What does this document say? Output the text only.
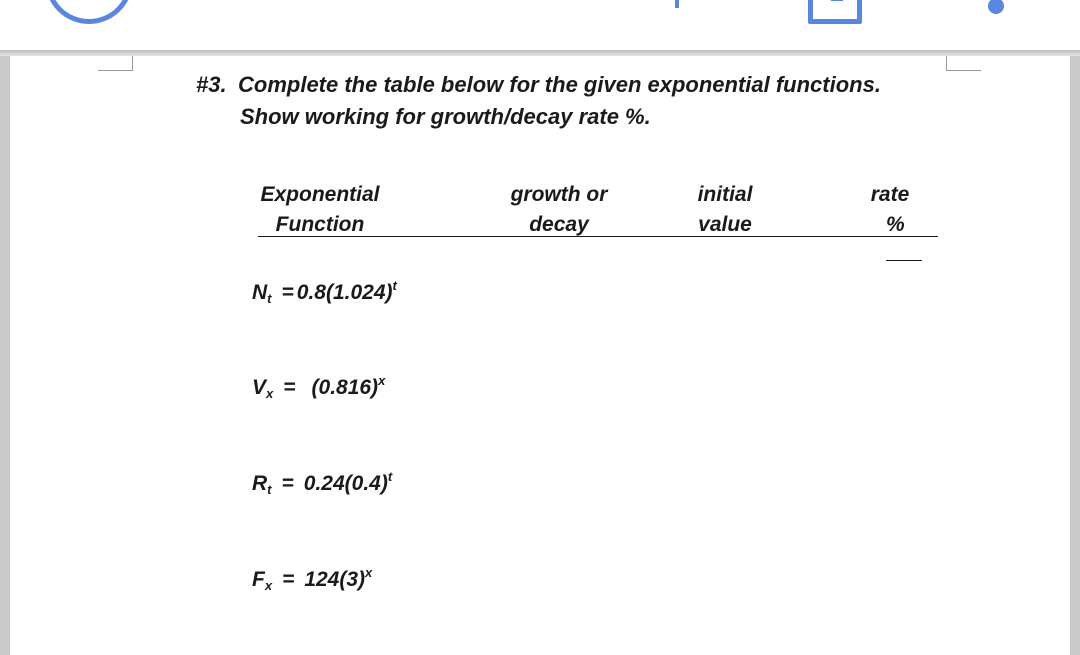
#3. Complete the table below for the given exponential functions.
Show working for growth/decay rate %.
Exponential
Function
growth or
decay
initial
value
rate
%
$N_t = 0.8(1.024)^t$
$V_x = (0.816)^x$
$R_t = 0.24(0.4)^t$
$F_x = 124(3)^x$
